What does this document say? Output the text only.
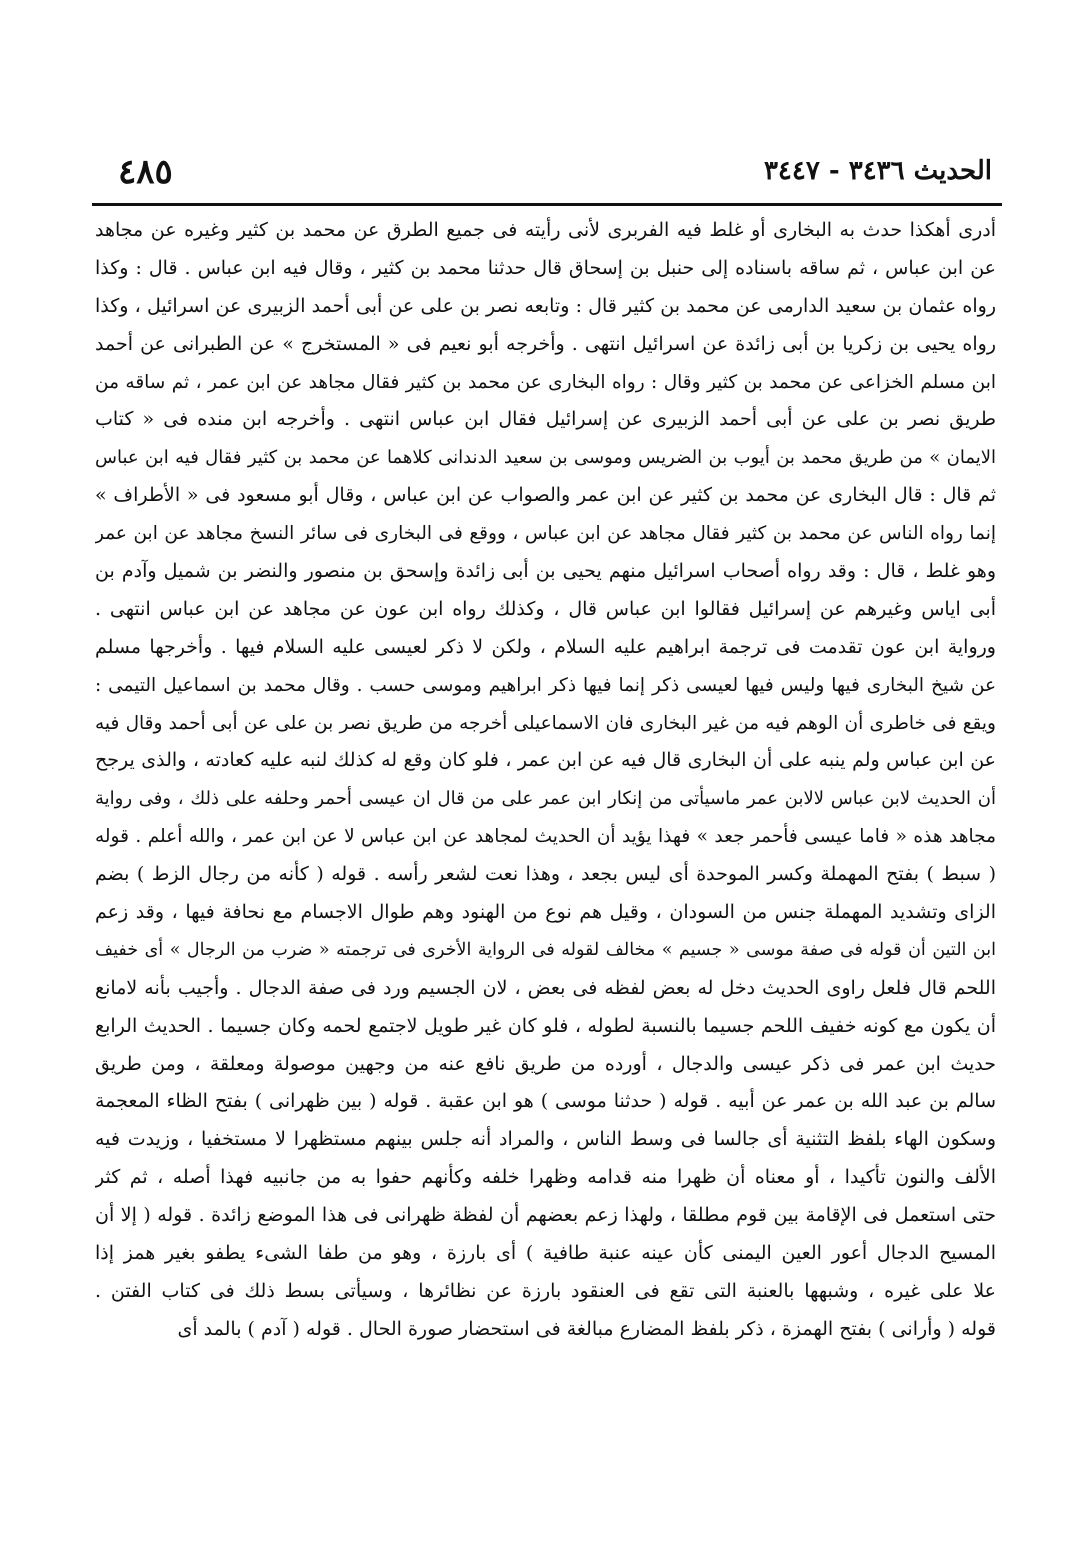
الحديث ٣٤٣٦ - ٣٤٤٧
٤٨٥
أدرى أهكذا حدث به البخارى أو غلط فيه الفربرى لأنى رأيته فى جميع الطرق عن محمد بن كثير وغيره عن مجاهد
عن ابن عباس ، ثم ساقه باسناده إلى حنبل بن إسحاق قال حدثنا محمد بن كثير ، وقال فيه ابن عباس . قال : وكذا
رواه عثمان بن سعيد الدارمى عن محمد بن كثير قال : وتابعه نصر بن على عن أبى أحمد الزبيرى عن اسرائيل ، وكذا
رواه يحيى بن زكريا بن أبى زائدة عن اسرائيل انتهى . وأخرجه أبو نعيم فى « المستخرج » عن الطبرانى عن أحمد
ابن مسلم الخزاعى عن محمد بن كثير وقال : رواه البخارى عن محمد بن كثير فقال مجاهد عن ابن عمر ، ثم ساقه من
طريق نصر بن على عن أبى أحمد الزبيرى عن إسرائيل فقال ابن عباس انتهى . وأخرجه ابن منده فى « كتاب
الايمان » من طريق محمد بن أيوب بن الضريس وموسى بن سعيد الدندانى كلاهما عن محمد بن كثير فقال فيه ابن عباس
ثم قال : قال البخارى عن محمد بن كثير عن ابن عمر والصواب عن ابن عباس ، وقال أبو مسعود فى « الأطراف »
إنما رواه الناس عن محمد بن كثير فقال مجاهد عن ابن عباس ، ووقع فى البخارى فى سائر النسخ مجاهد عن ابن عمر
وهو غلط ، قال : وقد رواه أصحاب اسرائيل منهم يحيى بن أبى زائدة وإسحق بن منصور والنضر بن شميل وآدم بن
أبى اياس وغيرهم عن إسرائيل فقالوا ابن عباس قال ، وكذلك رواه ابن عون عن مجاهد عن ابن عباس انتهى .
ورواية ابن عون تقدمت فى ترجمة ابراهيم عليه السلام ، ولكن لا ذكر لعيسى عليه السلام فيها . وأخرجها مسلم
عن شيخ البخارى فيها وليس فيها لعيسى ذكر إنما فيها ذكر ابراهيم وموسى حسب . وقال محمد بن اسماعيل التيمى :
ويقع فى خاطرى أن الوهم فيه من غير البخارى فان الاسماعيلى أخرجه من طريق نصر بن على عن أبى أحمد وقال فيه
عن ابن عباس ولم ينبه على أن البخارى قال فيه عن ابن عمر ، فلو كان وقع له كذلك لنبه عليه كعادته ، والذى يرجح
أن الحديث لابن عباس لالابن عمر ماسيأتى من إنكار ابن عمر على من قال ان عيسى أحمر وحلفه على ذلك ، وفى رواية
مجاهد هذه « فاما عيسى فأحمر جعد » فهذا يؤيد أن الحديث لمجاهد عن ابن عباس لا عن ابن عمر ، والله أعلم . قوله
( سبط ) بفتح المهملة وكسر الموحدة أى ليس بجعد ، وهذا نعت لشعر رأسه . قوله ( كأنه من رجال الزط ) بضم
الزاى وتشديد المهملة جنس من السودان ، وقيل هم نوع من الهنود وهم طوال الاجسام مع نحافة فيها ، وقد زعم
ابن التين أن قوله فى صفة موسى « جسيم » مخالف لقوله فى الرواية الأخرى فى ترجمته « ضرب من الرجال » أى خفيف
اللحم قال فلعل راوى الحديث دخل له بعض لفظه فى بعض ، لان الجسيم ورد فى صفة الدجال . وأجيب بأنه لامانع
أن يكون مع كونه خفيف اللحم جسيما بالنسبة لطوله ، فلو كان غير طويل لاجتمع لحمه وكان جسيما . الحديث الرابع
حديث ابن عمر فى ذكر عيسى والدجال ، أورده من طريق نافع عنه من وجهين موصولة ومعلقة ، ومن طريق
سالم بن عبد الله بن عمر عن أبيه . قوله ( حدثنا موسى ) هو ابن عقبة . قوله ( بين ظهرانى ) بفتح الظاء المعجمة
وسكون الهاء بلفظ التثنية أى جالسا فى وسط الناس ، والمراد أنه جلس بينهم مستظهرا لا مستخفيا ، وزيدت فيه
الألف والنون تأكيدا ، أو معناه أن ظهرا منه قدامه وظهرا خلفه وكأنهم حفوا به من جانبيه فهذا أصله ، ثم كثر
حتى استعمل فى الإقامة بين قوم مطلقا ، ولهذا زعم بعضهم أن لفظة ظهرانى فى هذا الموضع زائدة . قوله ( إلا أن
المسيح الدجال أعور العين اليمنى كأن عينه عنبة طافية ) أى بارزة ، وهو من طفا الشىء يطفو بغير همز إذا
علا على غيره ، وشبهها بالعنبة التى تقع فى العنقود بارزة عن نظائرها ، وسيأتى بسط ذلك فى كتاب الفتن .
قوله ( وأرانى ) بفتح الهمزة ، ذكر بلفظ المضارع مبالغة فى استحضار صورة الحال . قوله ( آدم ) بالمد أى
